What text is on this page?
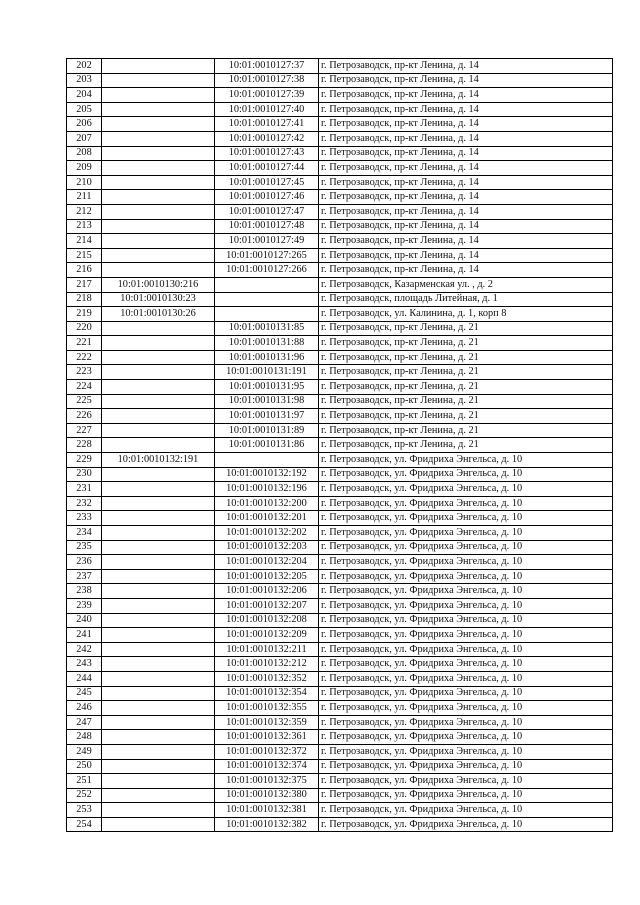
202		10:01:0010127:37	г. Петрозаводск, пр-кт Ленина, д. 14
203		10:01:0010127:38	г. Петрозаводск, пр-кт Ленина, д. 14
204		10:01:0010127:39	г. Петрозаводск, пр-кт Ленина, д. 14
205		10:01:0010127:40	г. Петрозаводск, пр-кт Ленина, д. 14
206		10:01:0010127:41	г. Петрозаводск, пр-кт Ленина, д. 14
207		10:01:0010127:42	г. Петрозаводск, пр-кт Ленина, д. 14
208		10:01:0010127:43	г. Петрозаводск, пр-кт Ленина, д. 14
209		10:01:0010127:44	г. Петрозаводск, пр-кт Ленина, д. 14
210		10:01:0010127:45	г. Петрозаводск, пр-кт Ленина, д. 14
211		10:01:0010127:46	г. Петрозаводск, пр-кт Ленина, д. 14
212		10:01:0010127:47	г. Петрозаводск, пр-кт Ленина, д. 14
213		10:01:0010127:48	г. Петрозаводск, пр-кт Ленина, д. 14
214		10:01:0010127:49	г. Петрозаводск, пр-кт Ленина, д. 14
215		10:01:0010127:265	г. Петрозаводск, пр-кт Ленина, д. 14
216		10:01:0010127:266	г. Петрозаводск, пр-кт Ленина, д. 14
217	10:01:0010130:216		г. Петрозаводск, Казарменская ул. , д. 2
218	10:01:0010130:23		г. Петрозаводск, площадь Литейная, д. 1
219	10:01:0010130:26		г. Петрозаводск, ул. Калинина, д. 1, корп 8
220		10:01:0010131:85	г. Петрозаводск, пр-кт Ленина, д. 21
221		10:01:0010131:88	г. Петрозаводск, пр-кт Ленина, д. 21
222		10:01:0010131:96	г. Петрозаводск, пр-кт Ленина, д. 21
223		10:01:0010131:191	г. Петрозаводск, пр-кт Ленина, д. 21
224		10:01:0010131:95	г. Петрозаводск, пр-кт Ленина, д. 21
225		10:01:0010131:98	г. Петрозаводск, пр-кт Ленина, д. 21
226		10:01:0010131:97	г. Петрозаводск, пр-кт Ленина, д. 21
227		10:01:0010131:89	г. Петрозаводск, пр-кт Ленина, д. 21
228		10:01:0010131:86	г. Петрозаводск, пр-кт Ленина, д. 21
229	10:01:0010132:191		г. Петрозаводск, ул. Фридриха Энгельса, д. 10
230		10:01:0010132:192	г. Петрозаводск, ул. Фридриха Энгельса, д. 10
231		10:01:0010132:196	г. Петрозаводск, ул. Фридриха Энгельса, д. 10
232		10:01:0010132:200	г. Петрозаводск, ул. Фридриха Энгельса, д. 10
233		10:01:0010132:201	г. Петрозаводск, ул. Фридриха Энгельса, д. 10
234		10:01:0010132:202	г. Петрозаводск, ул. Фридриха Энгельса, д. 10
235		10:01:0010132:203	г. Петрозаводск, ул. Фридриха Энгельса, д. 10
236		10:01:0010132:204	г. Петрозаводск, ул. Фридриха Энгельса, д. 10
237		10:01:0010132:205	г. Петрозаводск, ул. Фридриха Энгельса, д. 10
238		10:01:0010132:206	г. Петрозаводск, ул. Фридриха Энгельса, д. 10
239		10:01:0010132:207	г. Петрозаводск, ул. Фридриха Энгельса, д. 10
240		10:01:0010132:208	г. Петрозаводск, ул. Фридриха Энгельса, д. 10
241		10:01:0010132:209	г. Петрозаводск, ул. Фридриха Энгельса, д. 10
242		10:01:0010132:211	г. Петрозаводск, ул. Фридриха Энгельса, д. 10
243		10:01:0010132:212	г. Петрозаводск, ул. Фридриха Энгельса, д. 10
244		10:01:0010132:352	г. Петрозаводск, ул. Фридриха Энгельса, д. 10
245		10:01:0010132:354	г. Петрозаводск, ул. Фридриха Энгельса, д. 10
246		10:01:0010132:355	г. Петрозаводск, ул. Фридриха Энгельса, д. 10
247		10:01:0010132:359	г. Петрозаводск, ул. Фридриха Энгельса, д. 10
248		10:01:0010132:361	г. Петрозаводск, ул. Фридриха Энгельса, д. 10
249		10:01:0010132:372	г. Петрозаводск, ул. Фридриха Энгельса, д. 10
250		10:01:0010132:374	г. Петрозаводск, ул. Фридриха Энгельса, д. 10
251		10:01:0010132:375	г. Петрозаводск, ул. Фридриха Энгельса, д. 10
252		10:01:0010132:380	г. Петрозаводск, ул. Фридриха Энгельса, д. 10
253		10:01:0010132:381	г. Петрозаводск, ул. Фридриха Энгельса, д. 10
254		10:01:0010132:382	г. Петрозаводск, ул. Фридриха Энгельса, д. 10
